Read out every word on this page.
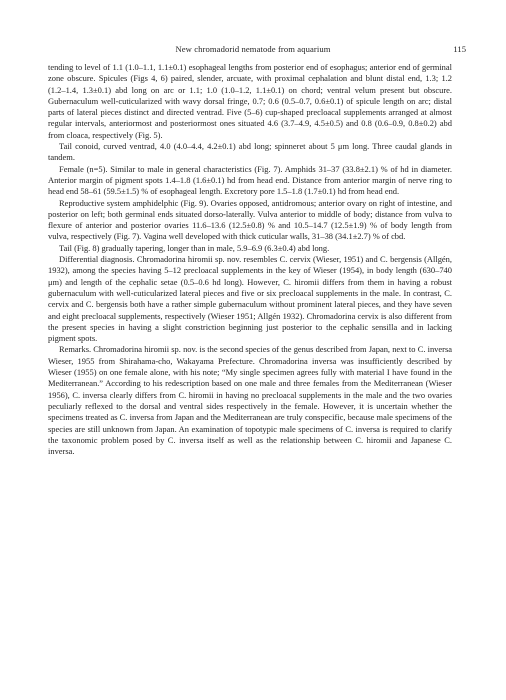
New chromadorid nematode from aquarium	115

tending to level of 1.1 (1.0–1.1, 1.1±0.1) esophageal lengths from posterior end of esophagus; anterior end of germinal zone obscure. Spicules (Figs 4, 6) paired, slender, arcuate, with proximal cephalation and blunt distal end, 1.3; 1.2 (1.2–1.4, 1.3±0.1) abd long on arc or 1.1; 1.0 (1.0–1.2, 1.1±0.1) on chord; ventral velum present but obscure. Gubernaculum well-cuticularized with wavy dorsal fringe, 0.7; 0.6 (0.5–0.7, 0.6±0.1) of spicule length on arc; distal parts of lateral pieces distinct and directed ventrad. Five (5–6) cup-shaped precloacal supplements arranged at almost regular intervals, anteriormost and posteriormost ones situated 4.6 (3.7–4.9, 4.5±0.5) and 0.8 (0.6–0.9, 0.8±0.2) abd from cloaca, respectively (Fig. 5).

Tail conoid, curved ventrad, 4.0 (4.0–4.4, 4.2±0.1) abd long; spinneret about 5 μm long. Three caudal glands in tandem.

Female (n=5). Similar to male in general characteristics (Fig. 7). Amphids 31–37 (33.8±2.1) % of hd in diameter. Anterior margin of pigment spots 1.4–1.8 (1.6±0.1) hd from head end. Distance from anterior margin of nerve ring to head end 58–61 (59.5±1.5) % of esophageal length. Excretory pore 1.5–1.8 (1.7±0.1) hd from head end.

Reproductive system amphidelphic (Fig. 9). Ovaries opposed, antidromous; anterior ovary on right of intestine, and posterior on left; both germinal ends situated dorso-laterally. Vulva anterior to middle of body; distance from vulva to flexure of anterior and posterior ovaries 11.6–13.6 (12.5±0.8) % and 10.5–14.7 (12.5±1.9) % of body length from vulva, respectively (Fig. 7). Vagina well developed with thick cuticular walls, 31–38 (34.1±2.7) % of cbd.

Tail (Fig. 8) gradually tapering, longer than in male, 5.9–6.9 (6.3±0.4) abd long.

Differential diagnosis. Chromadorina hiromii sp. nov. resembles C. cervix (Wieser, 1951) and C. bergensis (Allgén, 1932), among the species having 5–12 precloacal supplements in the key of Wieser (1954), in body length (630–740 μm) and length of the cephalic setae (0.5–0.6 hd long). However, C. hiromii differs from them in having a robust gubernaculum with well-cuticularized lateral pieces and five or six precloacal supplements in the male. In contrast, C. cervix and C. bergensis both have a rather simple gubernaculum without prominent lateral pieces, and they have seven and eight precloacal supplements, respectively (Wieser 1951; Allgén 1932). Chromadorina cervix is also different from the present species in having a slight constriction beginning just posterior to the cephalic sensilla and in lacking pigment spots.

Remarks. Chromadorina hiromii sp. nov. is the second species of the genus described from Japan, next to C. inversa Wieser, 1955 from Shirahama-cho, Wakayama Prefecture. Chromadorina inversa was insufficiently described by Wieser (1955) on one female alone, with his note; “My single specimen agrees fully with material I have found in the Mediterranean.” According to his redescription based on one male and three females from the Mediterranean (Wieser 1956), C. inversa clearly differs from C. hiromii in having no precloacal supplements in the male and the two ovaries peculiarly reflexed to the dorsal and ventral sides respectively in the female. However, it is uncertain whether the specimens treated as C. inversa from Japan and the Mediterranean are truly conspecific, because male specimens of the species are still unknown from Japan. An examination of topotypic male specimens of C. inversa is required to clarify the taxonomic problem posed by C. inversa itself as well as the relationship between C. hiromii and Japanese C. inversa.
